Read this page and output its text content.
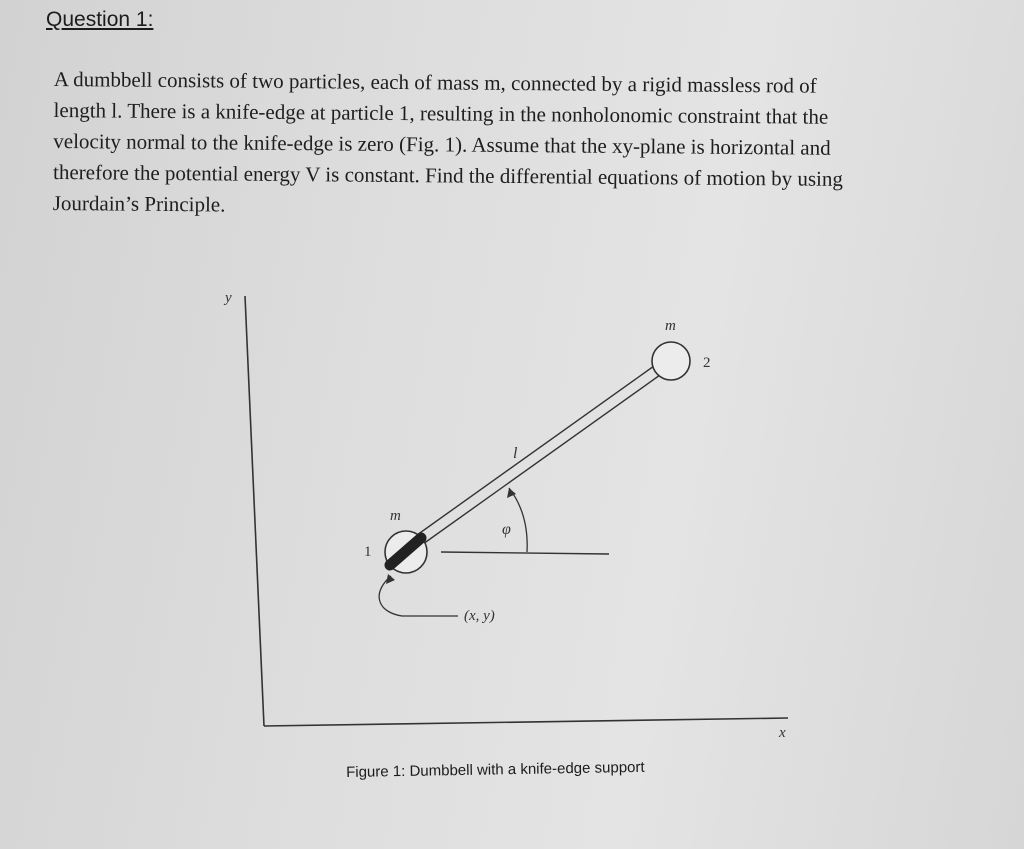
Question 1:
A dumbbell consists of two particles, each of mass m, connected by a rigid massless rod of
length l. There is a knife-edge at particle 1, resulting in the nonholonomic constraint that the
velocity normal to the knife-edge is zero (Fig. 1). Assume that the xy-plane is horizontal and
therefore the potential energy V is constant. Find the differential equations of motion by using
Jourdain’s Principle.
y
x
m
2
l
m
1
φ
(x, y)
Figure 1: Dumbbell with a knife-edge support
